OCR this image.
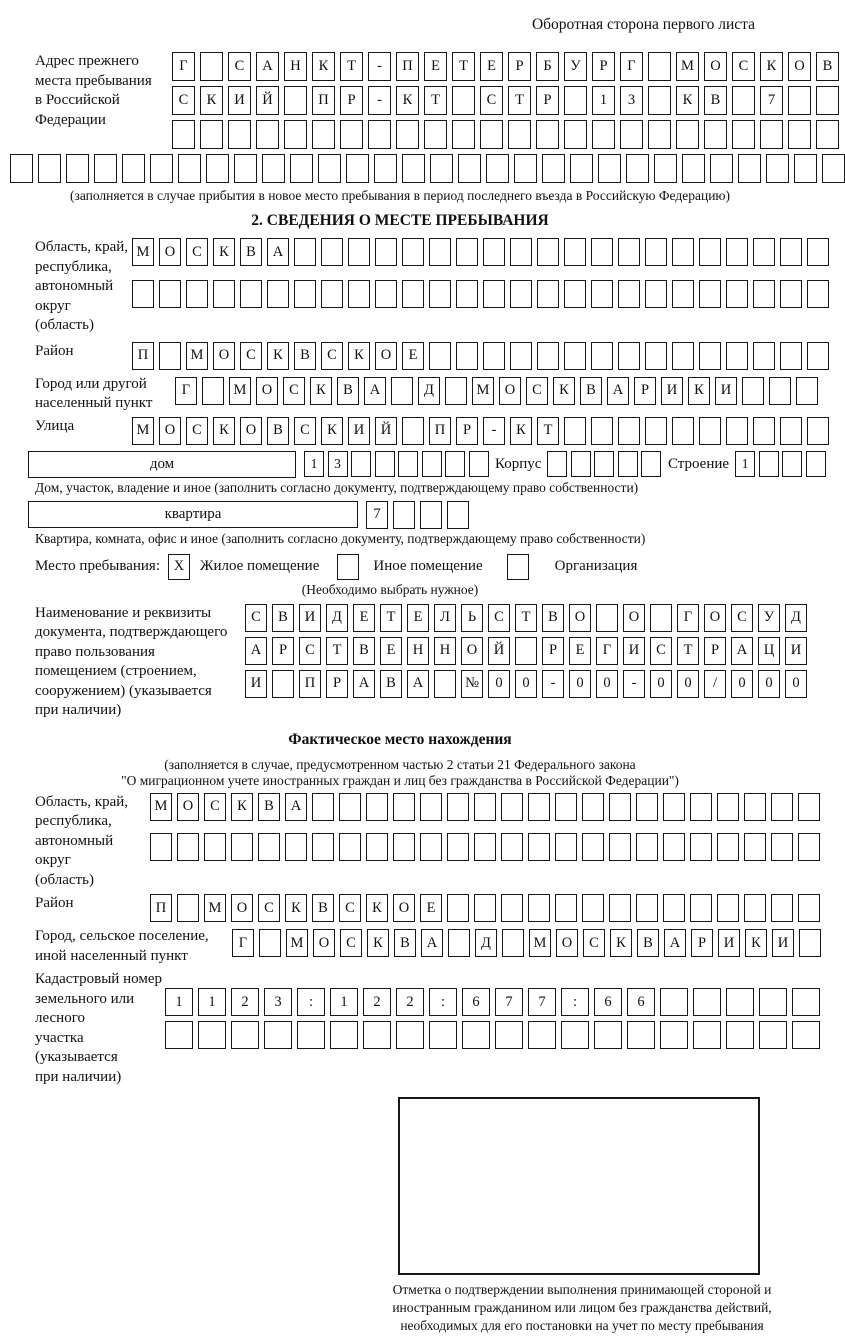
Оборотная сторона первого листа
Адрес прежнего
места пребывания
в Российской
Федерации
Г	С	А	Н	К	Т	-	П	Е	Т	Е	Р	Б	У	Р	Г	М	О	С	К	О	В
С	К	И	Й	П	Р	-	К	Т	С	Т	Р	1	3	К	В	7
(заполняется в случае прибытия в новое место пребывания в период последнего въезда в Российскую Федерацию)
2. СВЕДЕНИЯ О МЕСТЕ ПРЕБЫВАНИЯ
Область, край,
республика,
автономный
округ (область)
М	О	С	К	В	А
Район	П	М	О	С	К	В	С	К	О	Е
Город или другой
населенный пункт
Г	М	О	С	К	В	А	Д	М	О	С	К	В	А	Р	И	К	И
Улица	М	О	С	К	О	В	С	К	И	Й	П	Р	-	К	Т
дом	1	3	Корпус	Строение 1
Дом, участок, владение и иное (заполнить согласно документу, подтверждающему право собственности)
квартира	7
Квартира, комната, офис и иное (заполнить согласно документу, подтверждающему право собственности)
Место пребывания: X	Жилое помещение	Иное помещение	Организация
(Необходимо выбрать нужное)
Наименование и реквизиты
документа, подтверждающего
право пользования
помещением (строением,
сооружением) (указывается
при наличии)
С	В	И	Д	Е	Т	Е	Л	Ь	С	Т	В	О	О	Г	О	С	У	Д
А	Р	С	Т	В	Е	Н	Н	О	Й	Р	Е	Г	И	С	Т	Р	А	Ц	И
И	П	Р	А	В	А	№	0	0	-	0	0	-	0	0	/	0	0	0
Фактическое место нахождения
(заполняется в случае, предусмотренном частью 2 статьи 21 Федерального закона
"О миграционном учете иностранных граждан и лиц без гражданства в Российской Федерации")
Область, край,
республика,
автономный округ
(область)
М	О	С	К	В	А
Район	П	М	О	С	К	В	С	К	О	Е
Город, сельское поселение,
иной населенный пункт
Г	М	О	С	К	В	А	Д	М	О	С	К	В	А	Р	И	К	И
Кадастровый номер
земельного или лесного
участка (указывается
при наличии)
1	1	2	3	:	1	2	2	:	6	7	7	:	6	6
Отметка о подтверждении выполнения принимающей стороной и иностранным гражданином или лицом без гражданства действий, необходимых для его постановки на учет по месту пребывания
